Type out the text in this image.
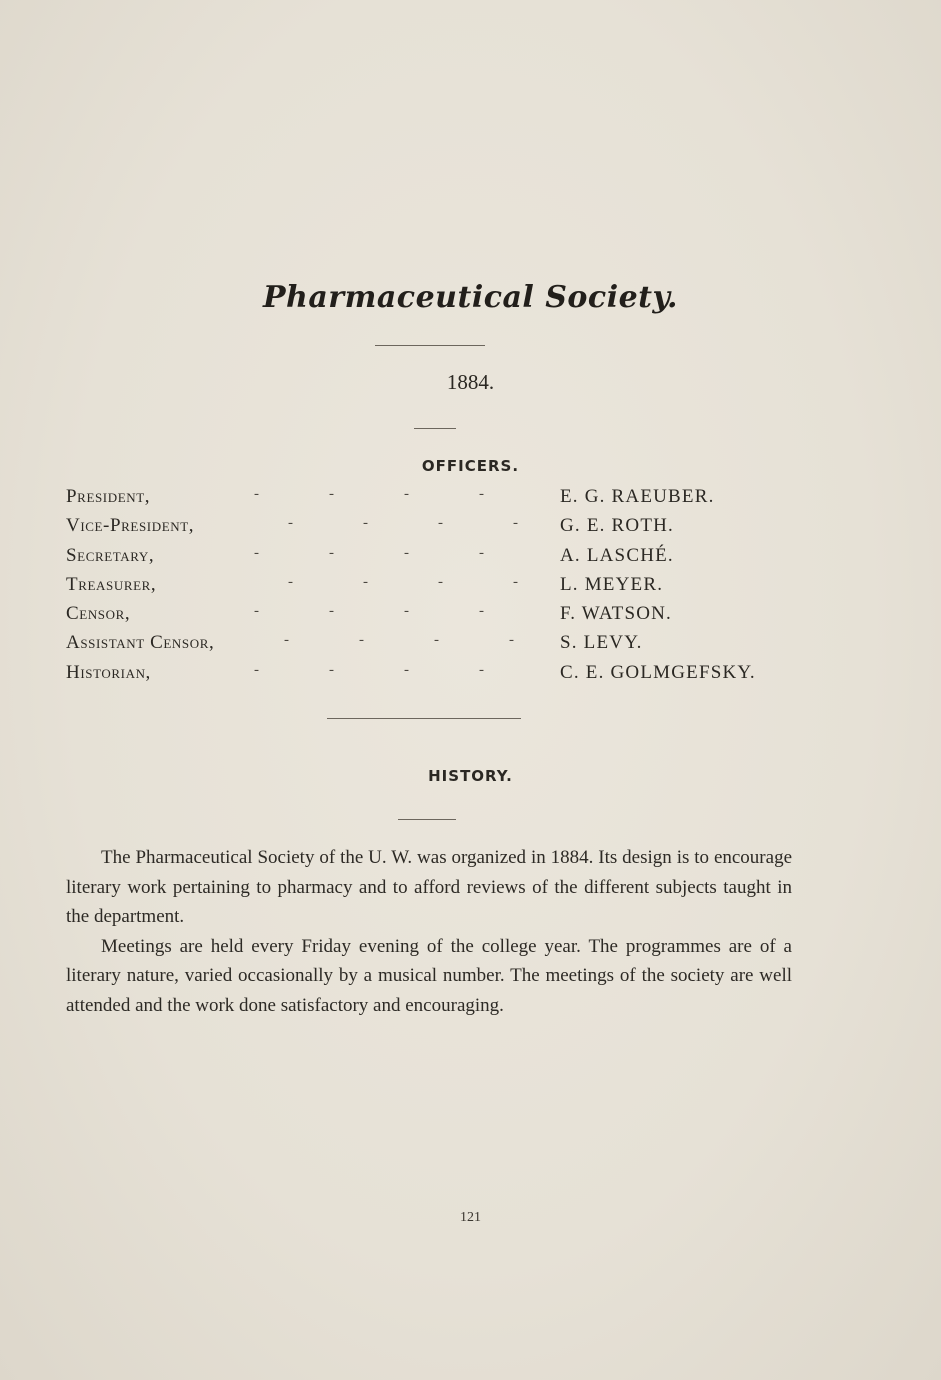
Pharmaceutical Society.
1884.
OFFICERS.
President,	-	-	-	-	E. G. RAEUBER.
Vice-President,	-	-	-	-	G. E. ROTH.
Secretary,	-	-	-	-	A. LASCHÉ.
Treasurer,	-	-	-	-	L. MEYER.
Censor,	-	-	-	-	F. WATSON.
Assistant Censor,	-	-	-	-	S. LEVY.
Historian,	-	-	-	-	C. E. GOLMGEFSKY.
HISTORY.

The Pharmaceutical Society of the U. W. was organized in 1884. Its design is to encourage literary work pertaining to pharmacy and to afford reviews of the different subjects taught in the department.

Meetings are held every Friday evening of the college year. The programmes are of a literary nature, varied occasionally by a musical number. The meetings of the society are well attended and the work done satisfactory and encouraging.

121
